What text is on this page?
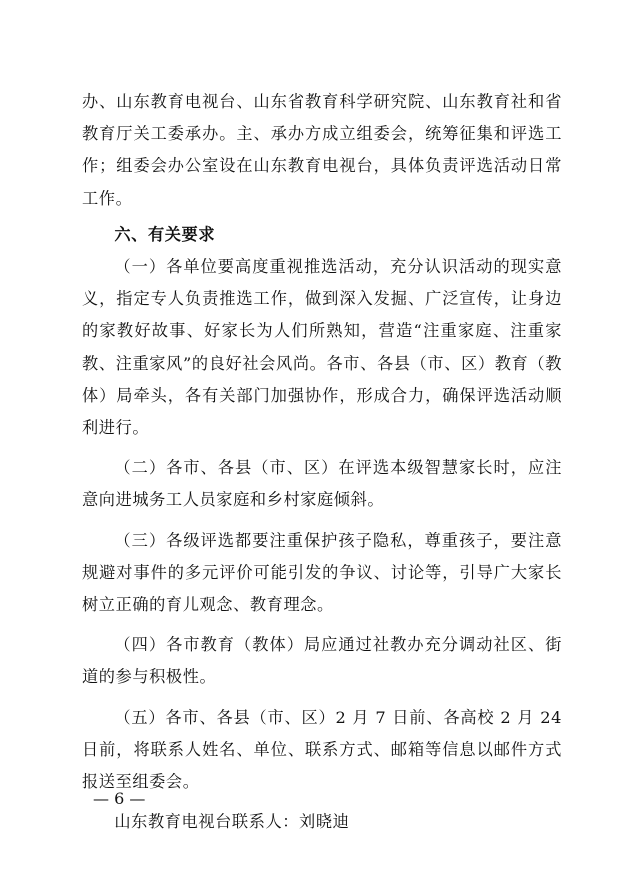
办、山东教育电视台、山东省教育科学研究院、山东教育社和省教育厅关工委承办。主、承办方成立组委会，统筹征集和评选工作；组委会办公室设在山东教育电视台，具体负责评选活动日常工作。

六、有关要求

（一）各单位要高度重视推选活动，充分认识活动的现实意义，指定专人负责推选工作，做到深入发掘、广泛宣传，让身边的家教好故事、好家长为人们所熟知，营造“注重家庭、注重家教、注重家风”的良好社会风尚。各市、各县（市、区）教育（教体）局牵头，各有关部门加强协作，形成合力，确保评选活动顺利进行。

（二）各市、各县（市、区）在评选本级智慧家长时，应注意向进城务工人员家庭和乡村家庭倾斜。

（三）各级评选都要注重保护孩子隐私，尊重孩子，要注意规避对事件的多元评价可能引发的争议、讨论等，引导广大家长树立正确的育儿观念、教育理念。

（四）各市教育（教体）局应通过社教办充分调动社区、街道的参与积极性。

（五）各市、各县（市、区）2 月 7 日前、各高校 2 月 24 日前，将联系人姓名、单位、联系方式、邮箱等信息以邮件方式报送至组委会。

山东教育电视台联系人：刘晓迪

— 6 —
